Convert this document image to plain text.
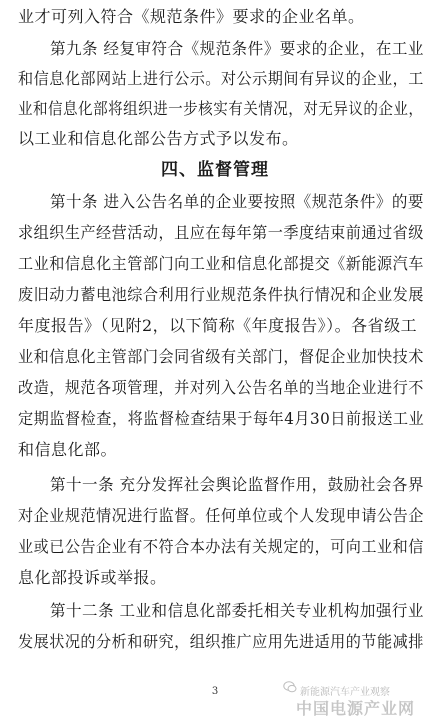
业才可列入符合《规范条件》要求的企业名单。
第九条 经复审符合《规范条件》要求的企业，在工业
和信息化部网站上进行公示。对公示期间有异议的企业，工
业和信息化部将组织进一步核实有关情况，对无异议的企业，
以工业和信息化部公告方式予以发布。
四、监督管理
第十条 进入公告名单的企业要按照《规范条件》的要
求组织生产经营活动，且应在每年第一季度结束前通过省级
工业和信息化主管部门向工业和信息化部提交《新能源汽车
废旧动力蓄电池综合利用行业规范条件执行情况和企业发展
年度报告》（见附2，以下简称《年度报告》）。各省级工
业和信息化主管部门会同省级有关部门，督促企业加快技术
改造，规范各项管理，并对列入公告名单的当地企业进行不
定期监督检查，将监督检查结果于每年4月30日前报送工业
和信息化部。
第十一条 充分发挥社会舆论监督作用，鼓励社会各界
对企业规范情况进行监督。任何单位或个人发现申请公告企
业或已公告企业有不符合本办法有关规定的，可向工业和信
息化部投诉或举报。
第十二条 工业和信息化部委托相关专业机构加强行业
发展状况的分析和研究，组织推广应用先进适用的节能减排
3	新能源汽车产业观察
中国电源产业网
